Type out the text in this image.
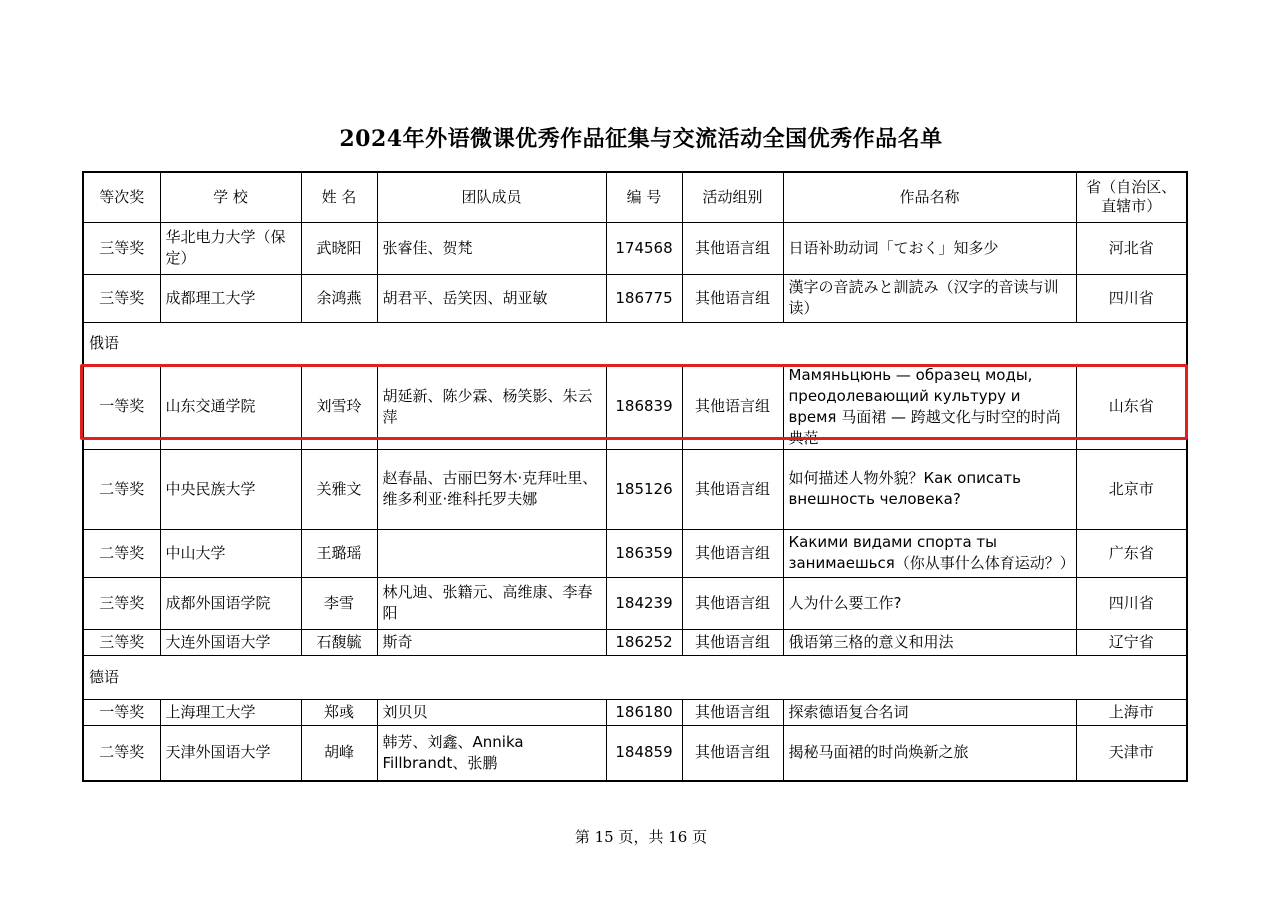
2024年外语微课优秀作品征集与交流活动全国优秀作品名单
等次奖	学 校	姓 名	团队成员	编 号	活动组别	作品名称	省（自治区、
直辖市）
三等奖	华北电力大学（保定）	武晓阳	张睿佳、贺梵	174568	其他语言组	日语补助动词「ておく」知多少	河北省
三等奖	成都理工大学	余鸿燕	胡君平、岳笑因、胡亚敏	186775	其他语言组	漢字の音読みと訓読み（汉字的音读与训读）	四川省
俄语							
一等奖	山东交通学院	刘雪玲	胡延新、陈少霖、杨笑影、朱云萍	186839	其他语言组	Мамяньцюнь — образец моды, преодолевающий культуру и время 马面裙 — 跨越文化与时空的时尚典范	山东省
二等奖	中央民族大学	关雅文	赵春晶、古丽巴努木·克拜吐里、维多利亚·维科托罗夫娜	185126	其他语言组	如何描述人物外貌？Как описать внешность человека?	北京市
二等奖	中山大学	王璐瑶		186359	其他语言组	Какими видами спорта ты занимаешься（你从事什么体育运动？）	广东省
三等奖	成都外国语学院	李雪	林凡迪、张籍元、高维康、李春阳	184239	其他语言组	人为什么要工作?	四川省
三等奖	大连外国语大学	石馥毓	斯奇	186252	其他语言组	俄语第三格的意义和用法	辽宁省
德语							
一等奖	上海理工大学	郑彧	刘贝贝	186180	其他语言组	探索德语复合名词	上海市
二等奖	天津外国语大学	胡峰	韩芳、刘鑫、Annika Fillbrandt、张鹏	184859	其他语言组	揭秘马面裙的时尚焕新之旅	天津市
第 15 页，共 16 页
